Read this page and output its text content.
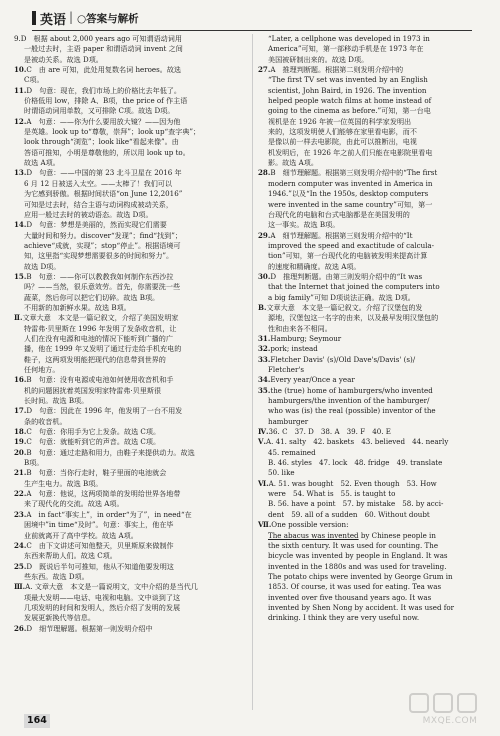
英语 | ○答案与解析

9.D　根据 about 2,000 years ago 可知谓语动词用

一般过去时，主语 paper 和谓语动词 invent 之间

是被动关系。故选 D项。

10.C　由 are 可知，此处用复数名词 heroes。故选

C项。

11.D　句意：现在，我们市场上的价格比去年低了。

价格低用 low，排除 A、B项，the price of 作主语

时谓语动词用单数，又可排除 C项。故选 D项。

12.A　句意：——你为什么要用放大镜？——因为他

是英雄。look up to“尊敬，崇拜”；look up“查字典”；

look through“浏览”；look like“看起来像”。由

答语可推知，小明是尊敬他的，所以用 look up to。

故选 A项。

13.D　句意：——中国的第 23 北斗卫星在 2016 年

6 月 12 日被送入太空。——太棒了！我们可以

为它感到骄傲。根据时间状语“on June 12,2016”

可知是过去时，结合主语与动词构成被动关系，

应用一般过去时的被动语态。故选 D项。

14.D　句意：梦想是美丽的，然而实现它们需要

大量时间和努力。discover“发现”；find“找到”；

achieve“成就，实现”；stop“停止”。根据语境可

知，这里指“实现梦想需要很多的时间和努力”。

故选 D项。

15.B　句意：——你可以教教我如何制作东西沙拉

吗？——当然，很乐意效劳。首先，你需要洗一些

蔬菜，然后你可以把它们切碎。故选 B项。

不用新的加新鲜水果。故选 B项。

Ⅱ.文章大意　本文是一篇记叙文，介绍了美国发明家

特雷弗·贝里斯在 1996 年发明了发条收音机，让

人们在没有电源和电池的情况下能听到广播的广

播，他在 1999 年又发明了通过行走给手机充电的

鞋子，这两项发明能把现代的信息带到世界的

任何地方。

16.B　句意：没有电源或电池如何使用收音机和手

机的问题困扰着英国发明家特雷弗·贝里斯很

长时间。故选 B项。

17.D　句意：因此在 1996 年，他发明了一台不用发

条的收音机。

18.C　句意：你用手为它上发条。故选 C项。

19.C　句意：就能听到它的声音。故选 C项。

20.B　句意：通过走路和用力，由鞋子来提供动力。故选

B项。

21.B　句意：当你行走时，鞋子里面的电池就会

生产生电力。故选 B项。

22.A　句意：他说，这两项简单的发明给世界各地带

来了现代化的交流。故选 A项。

23.A　in fact“事实上”，in order“为了”，in need“在

困境中”in time“及时”。句意：事实上，他在毕

业前就离开了高中学校。故选 A项。

24.C　由下文讲述可知他整天，贝里斯原来做制作

东西来帮助人们。故选 C项。

25.D　既说后半句可推知，他从不知道他要发明这

些东西。故选 D项。

Ⅲ.A. 文章大意　本文是一篇说明文，文中介绍的是当代几

项最大发明——电话、电视和电脑。文中谈到了这

几项发明的时间和发明人，然后介绍了发明的发展

发展更新换代等信息。

26.D　细节理解题。根据第一则发明介绍中

“Later, a cellphone was developed in 1973 in

America”可知，第一部移动手机是在 1973 年在

美国被研制出来的。故选 D项。

27.A　推理判断题。根据第二则发明介绍中的

“The first TV set was invented by an English

scientist, John Baird, in 1926. The invention

helped people watch films at home instead of

going to the cinema as before.”可知，第一台电

视机是在 1926 年被一位英国的科学家发明出

来的，这项发明使人们能够在家里看电影，而不

是像以前一样去电影院，由此可以推断出，电视

机发明后，在 1926 年之前人们只能在电影院里看电

影。故选 A项。

28.B　细节理解题。根据第三则发明介绍中的“The first

modern computer was invented in America in

1946.”以及“In the 1950s, desktop computers

were invented in the same country”可知，第一

台现代化的电脑和台式电脑都是在美国发明的

这一事实。故选 B项。

29.A　细节理解题。根据第三则发明介绍中的“It

improved the speed and exactitude of calcula-

tion”可知，第一台现代化的电脑被发明来提高计算

的速度和精确度。故选 A项。

30.D　推理判断题。由第三则发明介绍中的“It was

that the Internet that joined the computers into

a big family”可知 D项说法正确。故选 D项。

B.文章大意　本文是一篇记叙文。介绍了汉堡包的发

源地，汉堡包这一名字的由来，以及最早发明汉堡包的

性和由来各不相同。

31.Hamburg; Seymour

32.pork; instead

33.Fletcher Davis' (s)/Old Dave's/Davis' (s)/

Fletcher's

34.Every year/Once a year

35.the (true) home of hamburgers/who invented

hamburgers/the invention of the hamburger/

who was (is) the real (possible) inventor of the

hamburger

Ⅳ.36. C　37. D　38. A　39. F　40. E

Ⅴ.A. 41. salty　42. baskets　43. believed　44. nearly

45. remained

B. 46. styles　47. lock　48. fridge　49. translate

50. like

Ⅵ.A. 51. was bought　52. Even though　53. How

were　54. What is　55. is taught to

B. 56. have a point　57. by mistake　58. by acci-

dent　59. all of a sudden　60. Without doubt

Ⅶ.One possible version:

The abacus was invented by Chinese people in

the sixth century. It was used for counting. The

bicycle was invented by people in England. It was

invented in the 1880s and was used for traveling.

The potato chips were invented by George Grum in

1853. Of course, it was used for eating. Tea was

invented over five thousand years ago. It was

invented by Shen Nong by accident. It was used for

drinking. I think they are very useful now.

164	MXQE.COM
